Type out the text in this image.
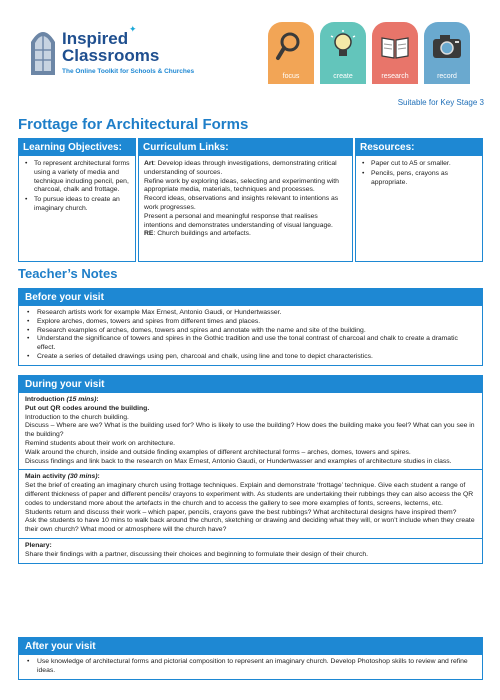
Inspired
Classrooms
✦
The Online Toolkit for Schools & Churches
focus	create	research	record
Suitable for Key Stage 3
Frottage for Architectural Forms
Learning Objectives:
• To represent architectural forms using a variety of media and technique including pencil, pen, charcoal, chalk and frottage.
• To pursue ideas to create an imaginary church.
Curriculum Links:
Art: Develop ideas through investigations, demonstrating critical understanding of sources.
Refine work by exploring ideas, selecting and experimenting with appropriate media, materials, techniques and processes.
Record ideas, observations and insights relevant to intentions as work progresses.
Present a personal and meaningful response that realises intentions and demonstrates understanding of visual language.
RE: Church buildings and artefacts.
Resources:
• Paper cut to A5 or smaller.
• Pencils, pens, crayons as appropriate.
Teacher’s Notes
Before your visit
• Research artists work for example Max Ernest, Antonio Gaudi, or Hundertwasser.
• Explore arches, domes, towers and spires from different times and places.
• Research examples of arches, domes, towers and spires and annotate with the name and site of the building.
• Understand the significance of towers and spires in the Gothic tradition and use the tonal contrast of charcoal and chalk to create a dramatic effect.
• Create a series of detailed drawings using pen, charcoal and chalk, using line and tone to depict characteristics.
During your visit
Introduction (15 mins):
Put out QR codes around the building.
Introduction to the church building.
Discuss – Where are we? What is the building used for? Who is likely to use the building? How does the building make you feel? What can you see in the building?
Remind students about their work on architecture.
Walk around the church, inside and outside finding examples of different architectural forms – arches, domes, towers and spires.
Discuss findings and link back to the research on Max Ernest, Antonio Gaudi, or Hundertwasser and examples of architecture studies in class.
Main activity (30 mins):
Set the brief of creating an imaginary church using frottage techniques. Explain and demonstrate ‘frottage’ technique. Give each student a range of different thickness of paper and different pencils/ crayons to experiment with. As students are undertaking their rubbings they can also access the QR codes to understand more about the artefacts in the church and to access the gallery to see more examples of fonts, screens, lecterns, etc.
Students return and discuss their work – which paper, pencils, crayons gave the best rubbings? What architectural designs have inspired them?
Ask the students to have 10 mins to walk back around the church, sketching or drawing and deciding what they will, or won’t include when they create their own church? What mood or atmosphere will the church have?
Plenary:
Share their findings with a partner, discussing their choices and beginning to formulate their design of their church.
After your visit
• Use knowledge of architectural forms and pictorial composition to represent an imaginary church. Develop Photoshop skills to review and refine ideas.
